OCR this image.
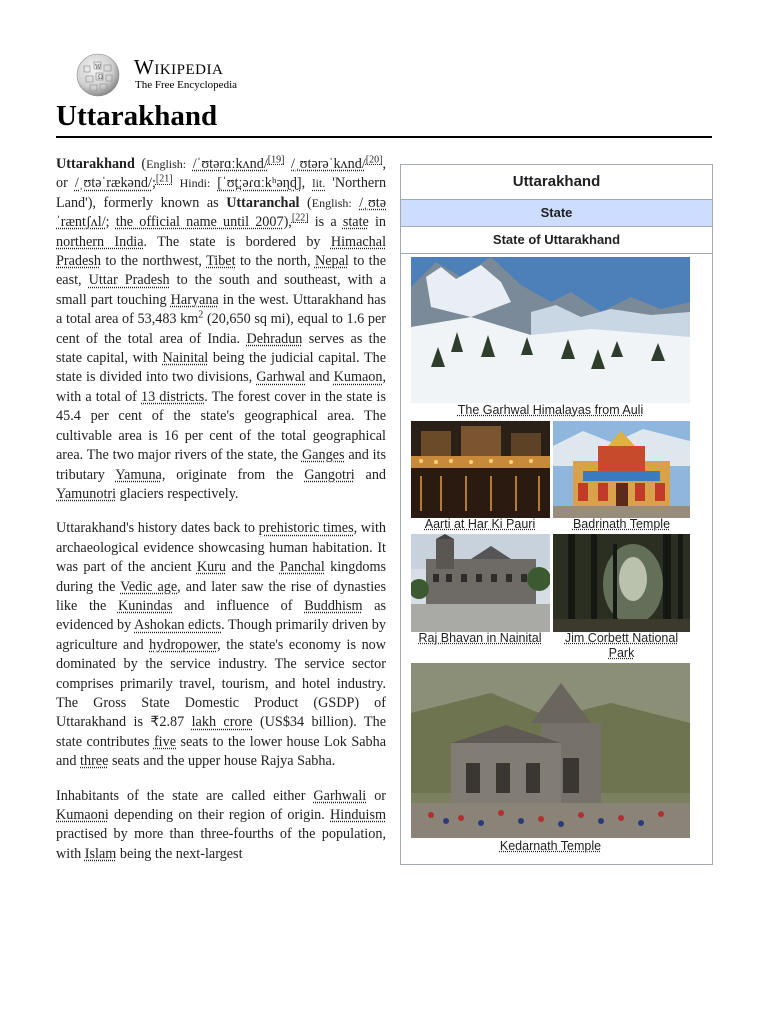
W
Ω Wikipedia
The Free Encyclopedia
Uttarakhand

Uttarakhand (English: /ˈʊtərɑːkʌnd/[19] /ˌʊtərəˈkʌnd/[20], or /ˌʊtəˈrækənd/;[21] Hindi: [ˈʊt̪ːəɾɑːkʰəɳɖ], lit. 'Northern Land'), formerly known as Uttaranchal (English: /ˌʊtəˈræntʃʌl/; the official name until 2007),[22] is a state in northern India. The state is bordered by Himachal Pradesh to the northwest, Tibet to the north, Nepal to the east, Uttar Pradesh to the south and southeast, with a small part touching Haryana in the west. Uttarakhand has a total area of 53,483 $km^2$ (20,650 sq mi), equal to 1.6 per cent of the total area of India. Dehradun serves as the state capital, with Nainital being the judicial capital. The state is divided into two divisions, Garhwal and Kumaon, with a total of 13 districts. The forest cover in the state is 45.4 per cent of the state's geographical area. The cultivable area is 16 per cent of the total geographical area. The two major rivers of the state, the Ganges and its tributary Yamuna, originate from the Gangotri and Yamunotri glaciers respectively.

Uttarakhand's history dates back to prehistoric times, with archaeological evidence showcasing human habitation. It was part of the ancient Kuru and the Panchal kingdoms during the Vedic age, and later saw the rise of dynasties like the Kunindas and influence of Buddhism as evidenced by Ashokan edicts. Though primarily driven by agriculture and hydropower, the state's economy is now dominated by the service industry. The service sector comprises primarily travel, tourism, and hotel industry. The Gross State Domestic Product (GSDP) of Uttarakhand is ₹2.87 lakh crore (US$34 billion). The state contributes five seats to the lower house Lok Sabha and three seats and the upper house Rajya Sabha.

Inhabitants of the state are called either Garhwali or Kumaoni depending on their region of origin. Hinduism practised by more than three-fourths of the population, with Islam being the next-largest

Uttarakhand
State
State of Uttarakhand
The Garhwal Himalayas from Auli
Aarti at Har Ki Pauri	Badrinath Temple
Raj Bhavan in Nainital	Jim Corbett National Park
Kedarnath Temple
